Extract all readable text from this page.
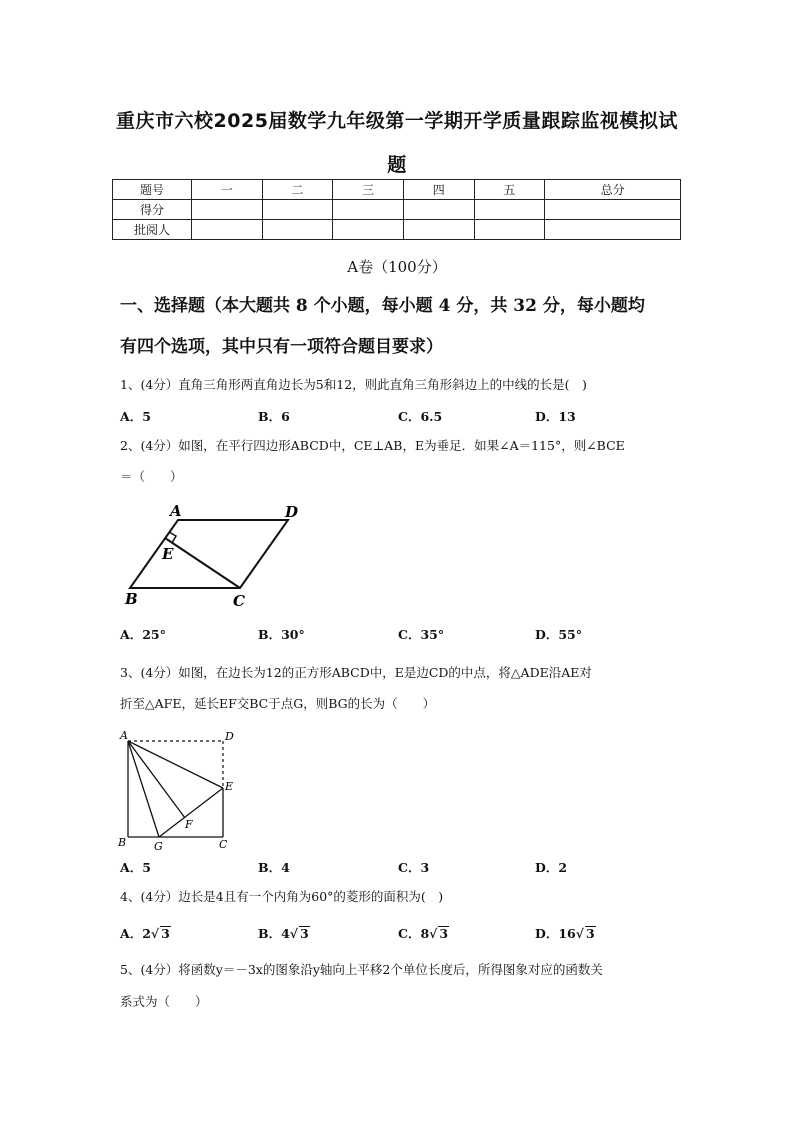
重庆市六校2025届数学九年级第一学期开学质量跟踪监视模拟试
题
题号	一	二	三	四	五	总分
得分						
批阅人						
A卷（100分）
一、选择题（本大题共 8 个小题，每小题 4 分，共 32 分，每小题均
有四个选项，其中只有一项符合题目要求）
1、(4分）直角三角形两直角边长为5和12，则此直角三角形斜边上的中线的长是(　)
A．5	B．6	C．6.5	D．13
2、(4分）如图，在平行四边形ABCD中，CE⊥AB，E为垂足．如果∠A＝115°，则∠BCE
＝（　　）
A	D
E
B	C
A．25°	B．30°	C．35°	D．55°
3、(4分）如图，在边长为12的正方形ABCD中，E是边CD的中点，将△ADE沿AE对
折至△AFE，延长EF交BC于点G，则BG的长为（　　）
A	D
E
F
B	G	C
A．5	B．4	C．3	D．2
4、(4分）边长是4且有一个内角为60°的菱形的面积为(　)
A．2√ 3	B．4√ 3	C．8√ 3	D．16√ 3
5、(4分）将函数y＝－3x的图象沿y轴向上平移2个单位长度后，所得图象对应的函数关
系式为（　　）
